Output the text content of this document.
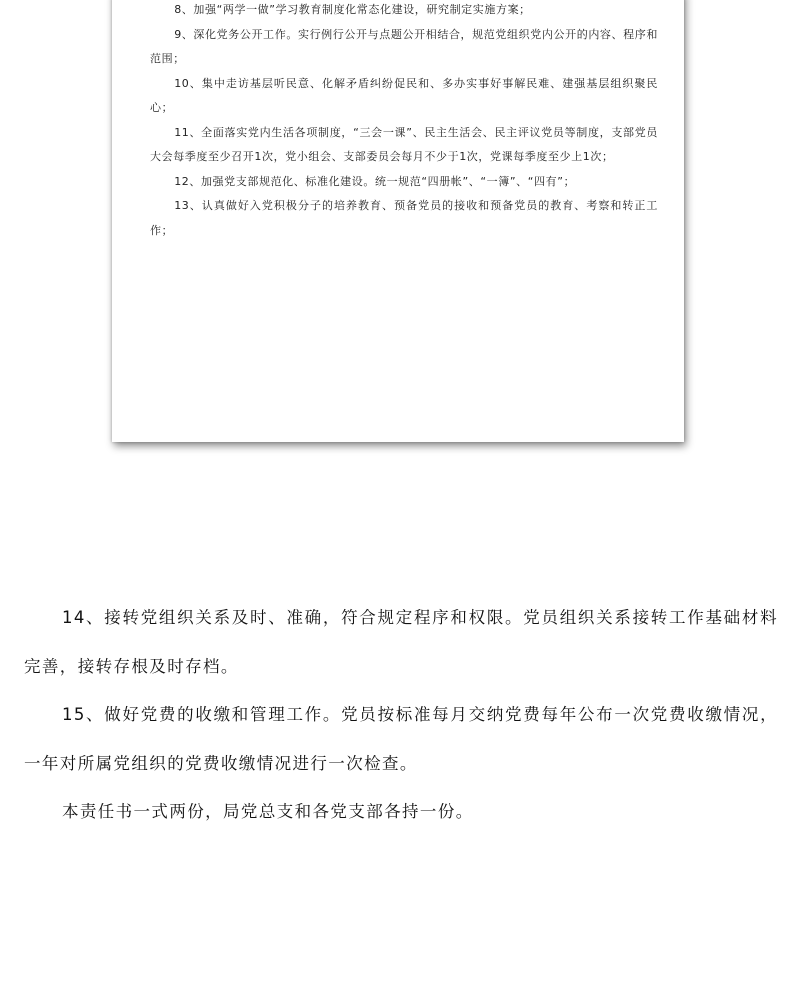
8、加强“两学一做”学习教育制度化常态化建设，研究制定实施方案；

9、深化党务公开工作。实行例行公开与点题公开相结合，规范党组织党内公开的内容、程序和范围；

10、集中走访基层听民意、化解矛盾纠纷促民和、多办实事好事解民难、建强基层组织聚民心；

11、全面落实党内生活各项制度，“三会一课”、民主生活会、民主评议党员等制度，支部党员大会每季度至少召开1次，党小组会、支部委员会每月不少于1次，党课每季度至少上1次；

12、加强党支部规范化、标准化建设。统一规范“四册帐”、“一簿”、“四有”；

13、认真做好入党积极分子的培养教育、预备党员的接收和预备党员的教育、考察和转正工作；

14、接转党组织关系及时、准确，符合规定程序和权限。党员组织关系接转工作基础材料完善，接转存根及时存档。

15、做好党费的收缴和管理工作。党员按标准每月交纳党费每年公布一次党费收缴情况，一年对所属党组织的党费收缴情况进行一次检查。

本责任书一式两份，局党总支和各党支部各持一份。
